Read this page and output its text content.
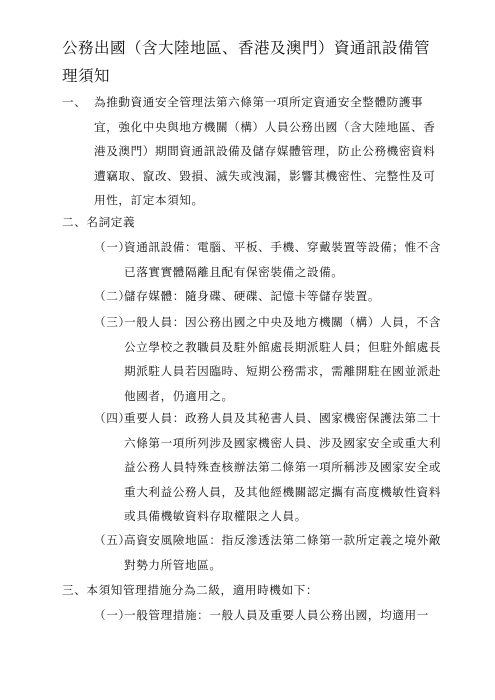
公務出國（含大陸地區、香港及澳門）資通訊設備管理須知
一、 為推動資通安全管理法第六條第一項所定資通安全整體防護事宜，強化中央與地方機關（構）人員公務出國（含大陸地區、香港及澳門）期間資通訊設備及儲存媒體管理，防止公務機密資料遭竊取、竄改、毀損、滅失或洩漏，影響其機密性、完整性及可用性，訂定本須知。
二、名詞定義
（一）
資通訊設備：電腦、平板、手機、穿戴裝置等設備；惟不含已落實實體隔離且配有保密裝備之設備。
（二）
儲存媒體：隨身碟、硬碟、記憶卡等儲存裝置。
（三）
一般人員：因公務出國之中央及地方機關（構）人員，不含公立學校之教職員及駐外館處長期派駐人員；但駐外館處長期派駐人員若因臨時、短期公務需求，需離開駐在國並派赴他國者，仍適用之。
（四）
重要人員：政務人員及其秘書人員、國家機密保護法第二十六條第一項所列涉及國家機密人員、涉及國家安全或重大利益公務人員特殊查核辦法第二條第一項所稱涉及國家安全或重大利益公務人員，及其他經機關認定攜有高度機敏性資料或具備機敏資料存取權限之人員。
（五）
高資安風險地區：指反滲透法第二條第一款所定義之境外敵對勢力所管地區。
三、本須知管理措施分為二級，適用時機如下：
（一）
一般管理措施：一般人員及重要人員公務出國，均適用一
